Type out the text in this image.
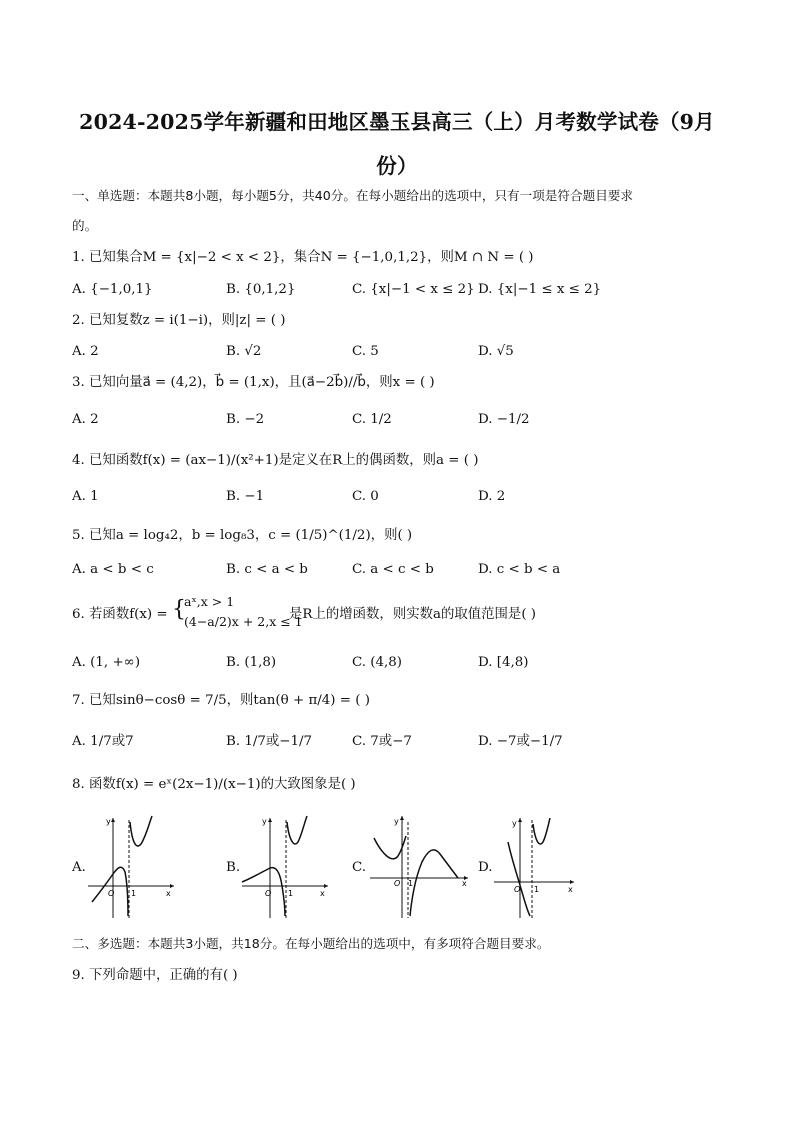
2024-2025学年新疆和田地区墨玉县高三（上）月考数学试卷（9月
份）
一、单选题：本题共8小题，每小题5分，共40分。在每小题给出的选项中，只有一项是符合题目要求
的。
1. 已知集合M = {x|−2 < x < 2}，集合N = {−1,0,1,2}，则M ∩ N = ( )
A. {−1,0,1}	B. {0,1,2}	C. {x|−1 < x ≤ 2} D. {x|−1 ≤ x ≤ 2}
2. 已知复数z = i(1−i)，则|z| = ( )
A. 2	B. √2	C. 5	D. √5
3. 已知向量a⃗ = (4,2)，b⃗ = (1,x)，且(a⃗−2b⃗)//b⃗，则x = ( )
A. 2	B. −2	C. 1/2	D. −1/2
4. 已知函数f(x) = (ax−1)/(x²+1)是定义在R上的偶函数，则a = ( )
A. 1	B. −1	C. 0	D. 2
5. 已知a = log₄2，b = log₈3，c = (1/5)^(1/2)，则( )
A. a < b < c	B. c < a < b	C. a < c < b	D. c < b < a
6. 若函数f(x) = {
aˣ,x > 1
(4−a/2)x + 2,x ≤ 1
是R上的增函数，则实数a的取值范围是( )
A. (1, +∞)	B. (1,8)	C. (4,8)	D. [4,8)
7. 已知sinθ−cosθ = 7/5，则tan(θ + π/4) = ( )
A. 1/7或7	B. 1/7或−1/7	C. 7或−7	D. −7或−1/7
8. 函数f(x) = eˣ(2x−1)/(x−1)的大致图象是( )
A.
y
O 1	x
B.
y
O 1	x
C.
y
O 1	x
D.
y
O 1	x
二、多选题：本题共3小题，共18分。在每小题给出的选项中，有多项符合题目要求。
9. 下列命题中，正确的有( )
